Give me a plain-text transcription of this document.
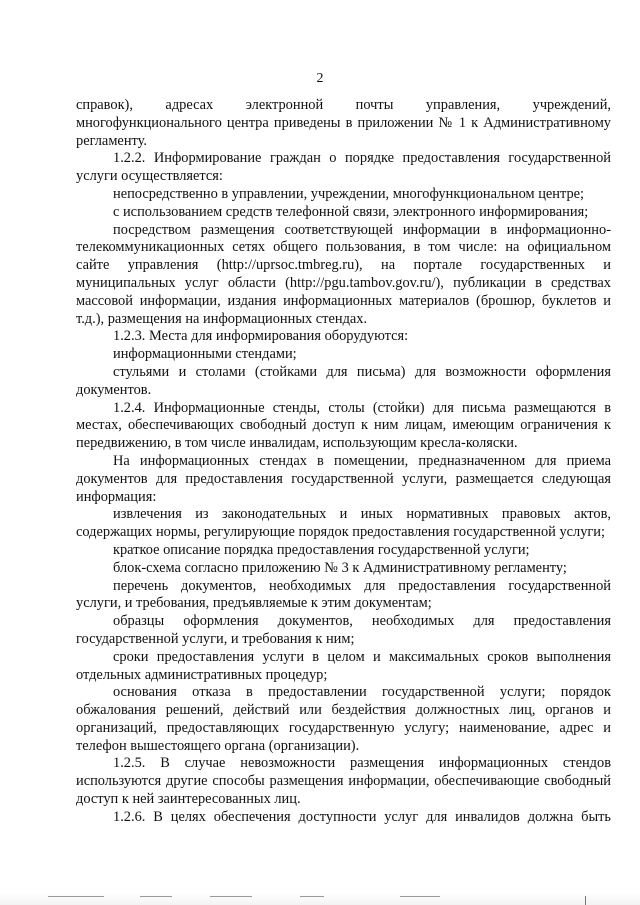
2

справок), адресах электронной почты управления, учреждений, многофункционального центра приведены в приложении № 1 к Административному регламенту.

1.2.2. Информирование граждан о порядке предоставления государственной услуги осуществляется:

непосредственно в управлении, учреждении, многофункциональном центре;

с использованием средств телефонной связи, электронного информирования;

посредством размещения соответствующей информации в информационно-телекоммуникационных сетях общего пользования, в том числе: на официальном сайте управления (http://uprsoc.tmbreg.ru), на портале государственных и муниципальных услуг области (http://pgu.tambov.gov.ru/), публикации в средствах массовой информации, издания информационных материалов (брошюр, буклетов и т.д.), размещения на информационных стендах.

1.2.3. Места для информирования оборудуются:

информационными стендами;

стульями и столами (стойками для письма) для возможности оформления документов.

1.2.4. Информационные стенды, столы (стойки) для письма размещаются в местах, обеспечивающих свободный доступ к ним лицам, имеющим ограничения к передвижению, в том числе инвалидам, использующим кресла-коляски.

На информационных стендах в помещении, предназначенном для приема документов для предоставления государственной услуги, размещается следующая информация:

извлечения из законодательных и иных нормативных правовых актов, содержащих нормы, регулирующие порядок предоставления государственной услуги;

краткое описание порядка предоставления государственной услуги;

блок-схема согласно приложению № 3 к Административному регламенту;

перечень документов, необходимых для предоставления государственной услуги, и требования, предъявляемые к этим документам;

образцы оформления документов, необходимых для предоставления государственной услуги, и требования к ним;

сроки предоставления услуги в целом и максимальных сроков выполнения отдельных административных процедур;

основания отказа в предоставлении государственной услуги; порядок обжалования решений, действий или бездействия должностных лиц, органов и организаций, предоставляющих государственную услугу; наименование, адрес и телефон вышестоящего органа (организации).

1.2.5. В случае невозможности размещения информационных стендов используются другие способы размещения информации, обеспечивающие свободный доступ к ней заинтересованных лиц.

1.2.6. В целях обеспечения доступности услуг для инвалидов должна быть
